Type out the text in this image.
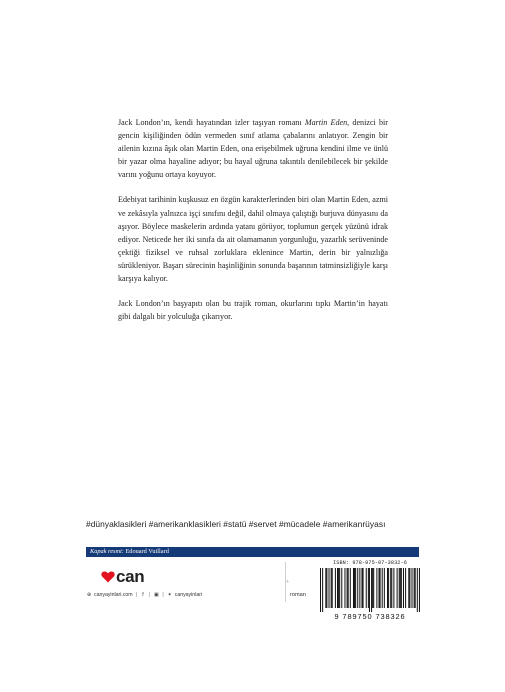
Jack London’ın, kendi hayatından izler taşıyan romanı Martin Eden, denizci bir gencin kişiliğinden ödün vermeden sınıf atlama çabalarını anlatıyor. Zengin bir ailenin kızına âşık olan Martin Eden, ona erişebilmek uğruna kendini ilme ve ünlü bir yazar olma hayaline adıyor; bu hayal uğruna takıntılı denilebilecek bir şekilde varını yoğunu ortaya koyuyor.

Edebiyat tarihinin kuşkusuz en özgün karakterlerinden biri olan Martin Eden, azmi ve zekâsıyla yalnızca işçi sınıfını değil, dahil olmaya çalıştığı burjuva dünyasını da aşıyor. Böylece maskelerin ardında yatanı görüyor, toplumun gerçek yüzünü idrak ediyor. Neticede her iki sınıfa da ait olamamanın yorgunluğu, yazarlık serüveninde çektiği fiziksel ve ruhsal zorluklara eklenince Martin, derin bir yalnızlığa sürükleniyor. Başarı sürecinin haşinliğinin sonunda başarının tatminsizliğiyle karşı karşıya kalıyor.

Jack London’ın başyapıtı olan bu trajik roman, okurlarını tıpkı Martin’in hayatı gibi dalgalı bir yolculuğa çıkarıyor.

#dünyaklasikleri #amerikanklasikleri #statü #servet #mücadele #amerikanrüyası
Kapak resmi: Edouard Vuillard
+
can
⊕ canyayinlari.com |	f	| ▣ | ✶ canyayinlari	roman
ISBN: 978-975-07-3832-6
9 789750 738326
